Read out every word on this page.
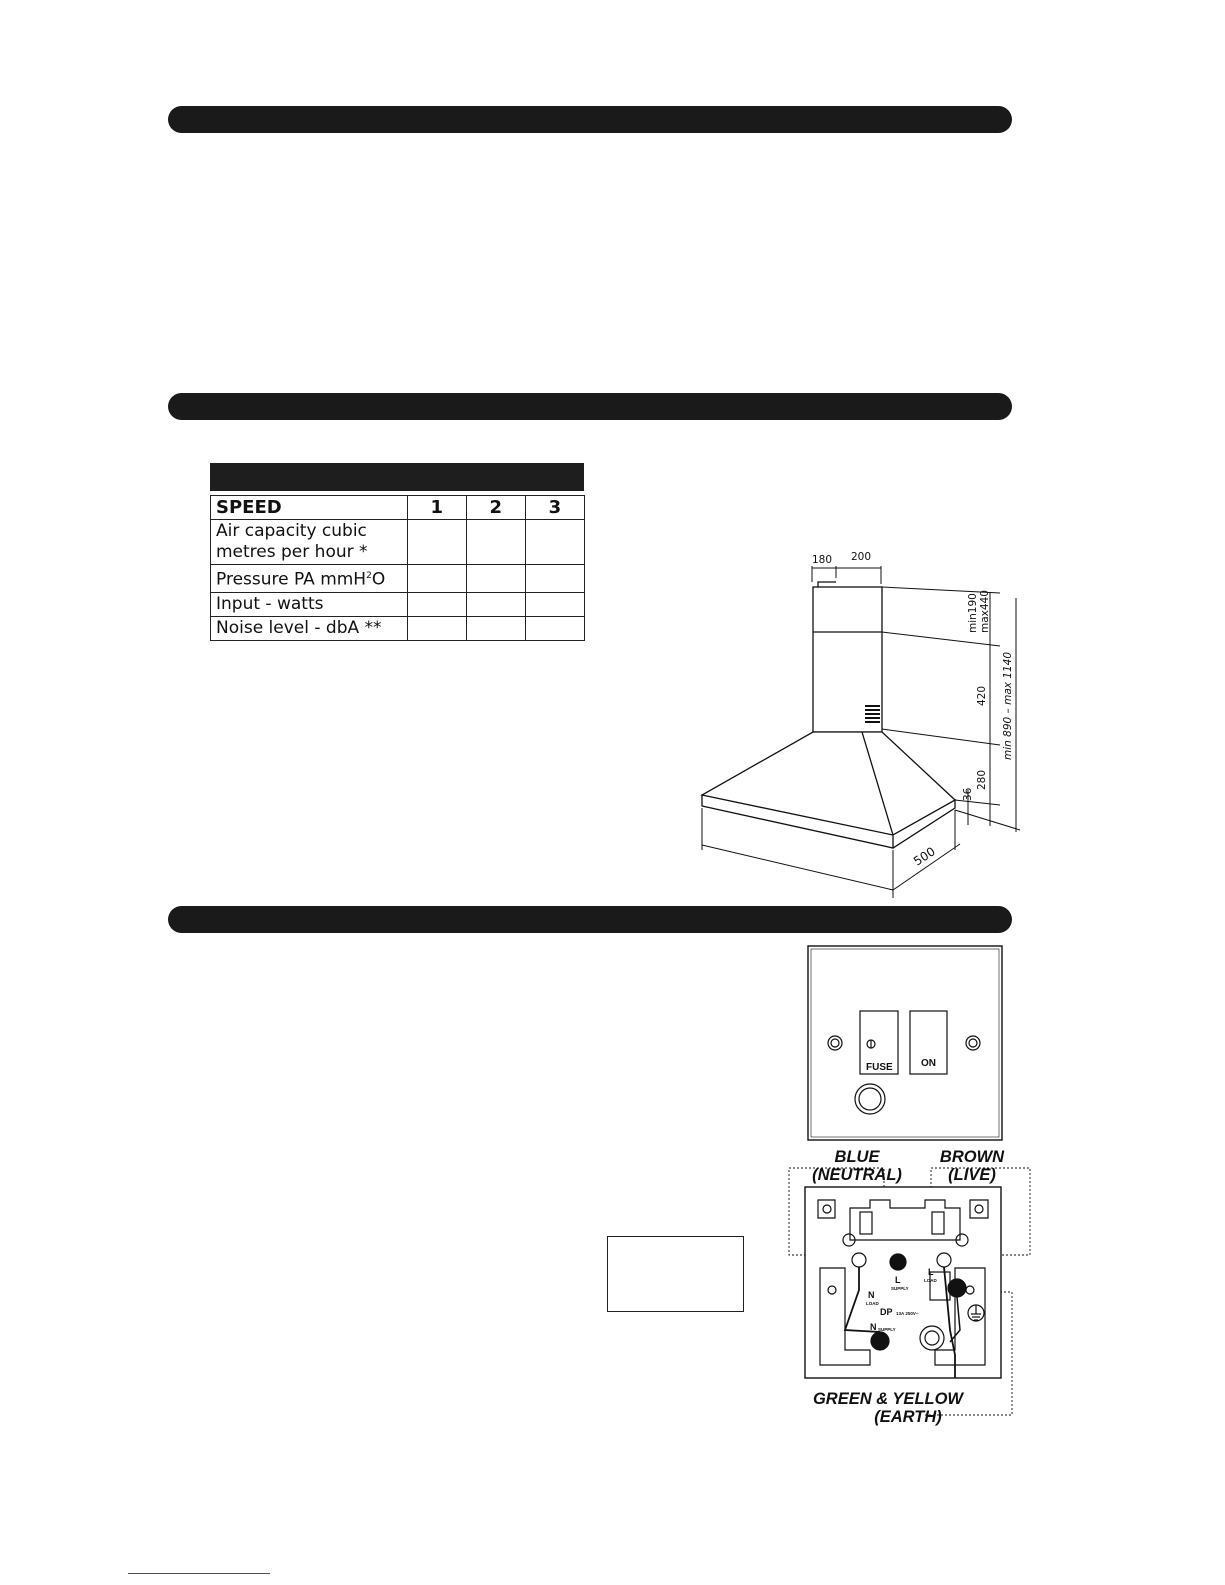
SPEED	1	2	3
Air capacity cubic
metres per hour *			
Pressure PA mmH$^2$O			
Input - watts			
Noise level - dbA **			
180 200
min190 max440
420
280
36
min 890 – max 1140
500
FUSE	ON
BLUE
(NEUTRAL)
BROWN
(LIVE)
GREEN & YELLOW
(EARTH)
N
LOAD
L
SUPPLY
L
LOAD
DP 13A 250V~
N SUPPLY
